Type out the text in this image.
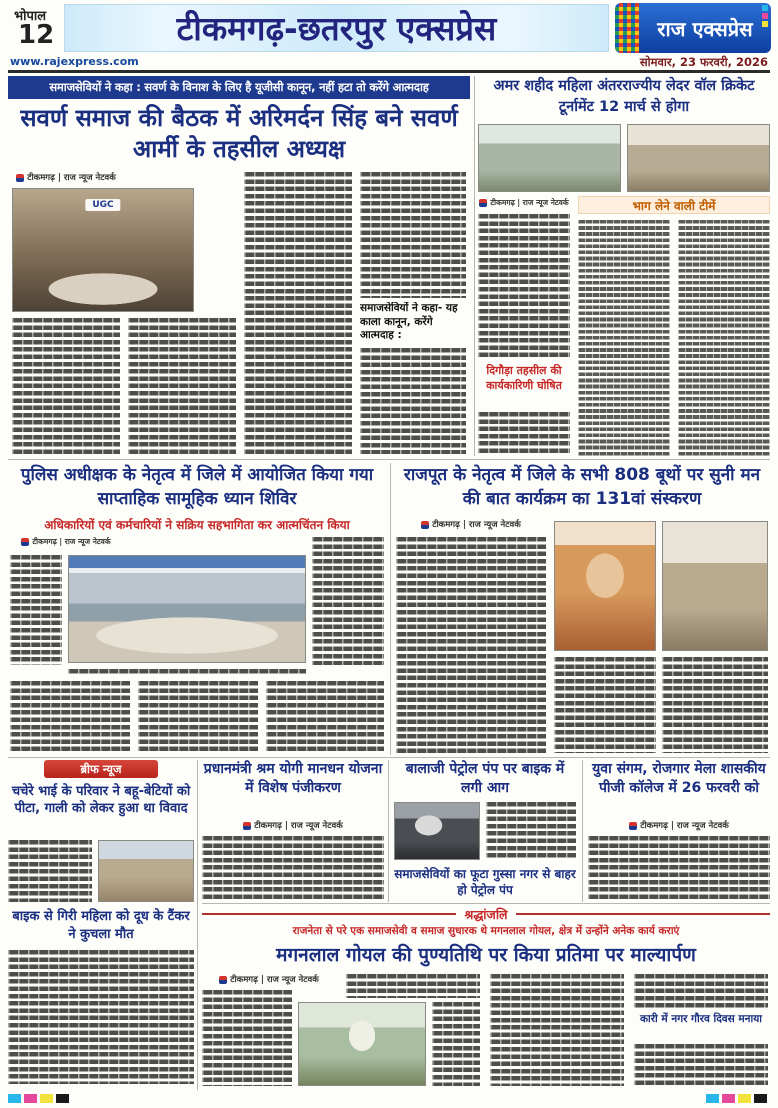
भोपाल
12	टीकमगढ़-छतरपुर एक्सप्रेस	राज एक्सप्रेस
www.rajexpress.com	सोमवार, 23 फरवरी, 2026
समाजसेवियों ने कहा : सवर्ण के विनाश के लिए है यूजीसी कानून, नहीं हटा तो करेंगे आत्मदाह
सवर्ण समाज की बैठक में अरिमर्दन सिंह बने सवर्ण आर्मी के तहसील अध्यक्ष
टीकमगढ़ | राज न्यूज नेटवर्क
UGC
समाजसेवियों ने कहा- यह काला कानून, करेंगे आत्मदाह :
अमर शहीद महिला अंतरराज्यीय लेदर वॉल क्रिकेट टूर्नामेंट 12 मार्च से होगा
टीकमगढ़ | राज न्यूज नेटवर्क
दिगौड़ा तहसील की कार्यकारिणी घोषित
भाग लेने वाली टीमें
पुलिस अधीक्षक के नेतृत्व में जिले में आयोजित किया गया साप्ताहिक सामूहिक ध्यान शिविर
अधिकारियों एवं कर्मचारियों ने सक्रिय सहभागिता कर आत्मचिंतन किया
टीकमगढ़ | राज न्यूज नेटवर्क
राजपूत के नेतृत्व में जिले के सभी 808 बूथों पर सुनी मन की बात कार्यक्रम का 131वां संस्करण
टीकमगढ़ | राज न्यूज नेटवर्क
ब्रीफ न्यूज
चचेरे भाई के परिवार ने बहू-बेटियों को पीटा, गाली को लेकर हुआ था विवाद
बाइक से गिरी महिला को दूध के टैंकर ने कुचला मौत
प्रधानमंत्री श्रम योगी मानधन योजना में विशेष पंजीकरण
टीकमगढ़ | राज न्यूज नेटवर्क
बालाजी पेट्रोल पंप पर बाइक में लगी आग
समाजसेवियों का फूटा गुस्सा नगर से बाहर हो पेट्रोल पंप
युवा संगम, रोजगार मेला शासकीय पीजी कॉलेज में 26 फरवरी को
टीकमगढ़ | राज न्यूज नेटवर्क
श्रद्धांजलि
राजनेता से परे एक समाजसेवी व समाज सुधारक थे मगनलाल गोयल, क्षेत्र में उन्होंने अनेक कार्य कराएं
मगनलाल गोयल की पुण्यतिथि पर किया प्रतिमा पर माल्यार्पण
टीकमगढ़ | राज न्यूज नेटवर्क
कारी में नगर गौरव दिवस मनाया
